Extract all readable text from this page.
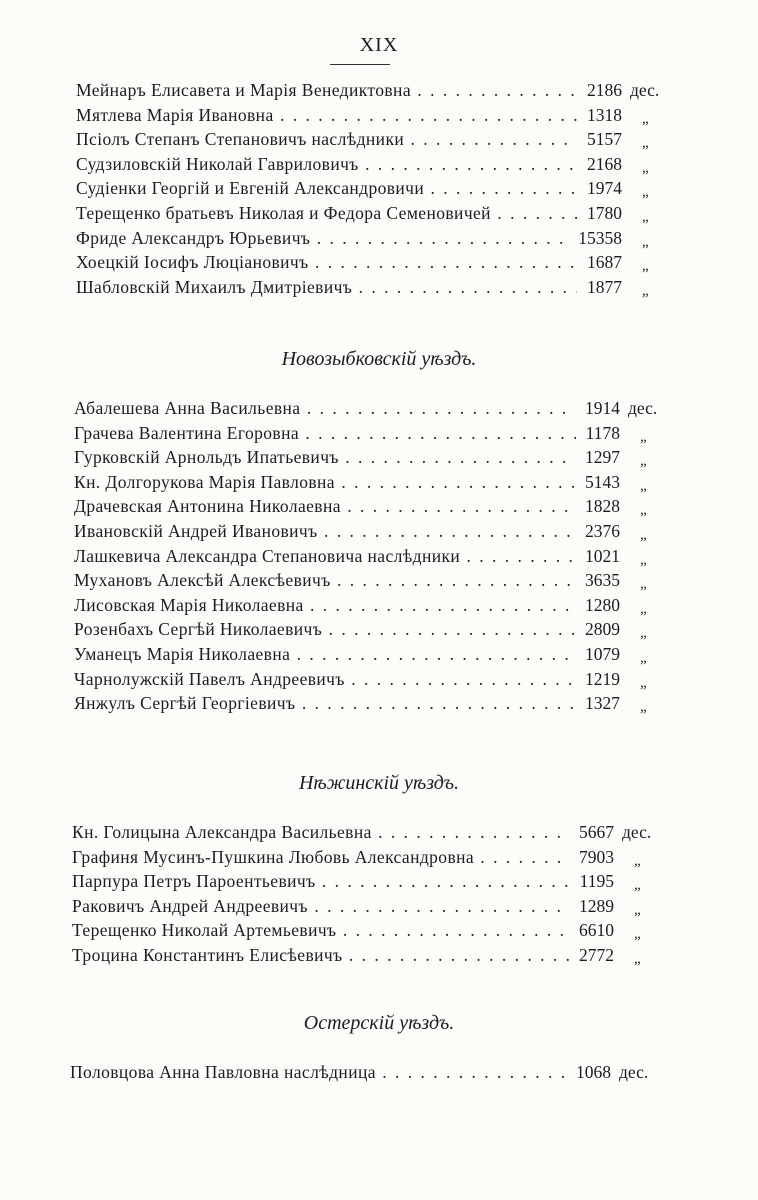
XIX
Мейнаръ Елисавета и Марія Венедиктовна . . .	2186 дес.
Мятлева Марія Ивановна . . .	1318	„
Псіолъ Степанъ Степановичъ наслѣдники . . .	5157	„
Судзиловскій Николай Гавриловичъ . . .	2168	„
Судіенки Георгій и Евгеній Александровичи . . .	1974	„
Терещенко братьевъ Николая и Федора Семеновичей . . .	1780	„
Фриде Александръ Юрьевичъ . . .	15358	„
Хоецкій Іосифъ Люціановичъ . . .	1687	„
Шабловскій Михаилъ Дмитріевичъ . . .	1877	„
Новозыбковскій уѣздъ.
Абалешева Анна Васильевна . . .	1914 дес.
Грачева Валентина Егоровна . . .	1178	„
Гурковскій Арнольдъ Ипатьевичъ . . .	1297	„
Кн. Долгорукова Марія Павловна . . .	5143	„
Драчевская Антонина Николаевна . . .	1828	„
Ивановскій Андрей Ивановичъ . . .	2376	„
Лашкевича Александра Степановича наслѣдники . . .	1021	„
Мухановъ Алексѣй Алексѣевичъ . . .	3635	„
Лисовская Марія Николаевна . . .	1280	„
Розенбахъ Сергѣй Николаевичъ . . .	2809	„
Уманецъ Марія Николаевна . . .	1079	„
Чарнолужскій Павелъ Андреевичъ . . .	1219	„
Янжулъ Сергѣй Георгіевичъ . . .	1327	„
Нѣжинскій уѣздъ.
Кн. Голицына Александра Васильевна . . .	5667 дес.
Графиня Мусинъ-Пушкина Любовь Александровна . . .	7903	„
Парпура Петръ Пароентьевичъ . . .	1195	„
Раковичъ Андрей Андреевичъ . . .	1289	„
Терещенко Николай Артемьевичъ . . .	6610	„
Троцина Константинъ Елисѣевичъ . . .	2772	„
Остерскій уѣздъ.
Половцова Анна Павловна наслѣдница . . .	1068 дес.
